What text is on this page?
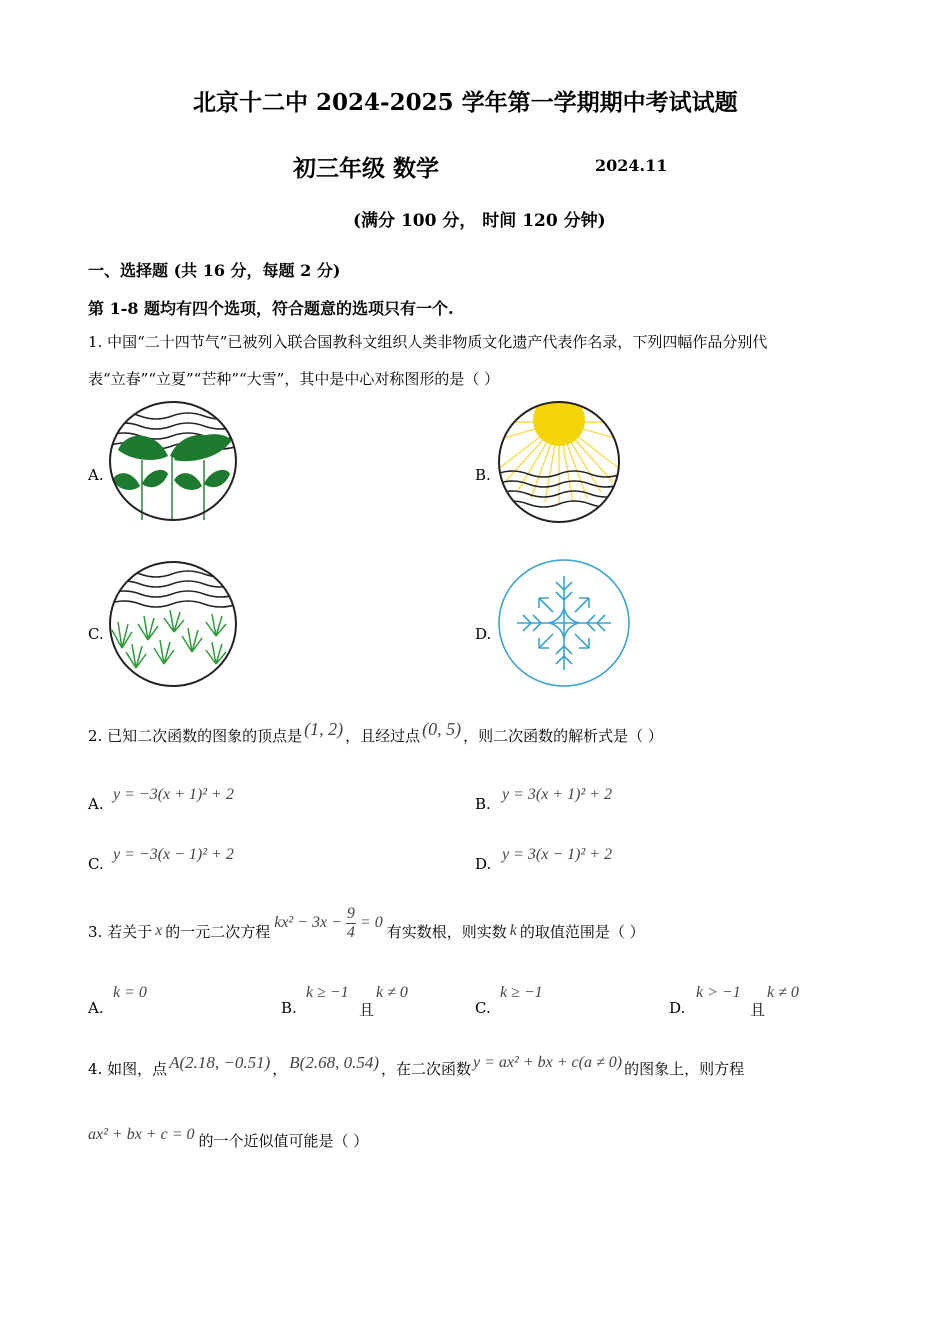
北京十二中 2024-2025 学年第一学期期中考试试题
初三年级 数学	2024.11
(满分 100 分， 时间 120 分钟)
一、选择题 (共 16 分，每题 2 分)
第 1-8 题均有四个选项，符合题意的选项只有一个.
1. 中国“二十四节气”已被列入联合国教科文组织人类非物质文化遗产代表作名录，下列四幅作品分别代
表“立春”“立夏”“芒种”“大雪”，其中是中心对称图形的是（ ）
A.	B.
C.	D.
2. 已知二次函数的图象的顶点是 (1, 2) ，且经过点 (0, 5) ，则二次函数的解析式是（ ）
A.
y = −3(x + 1)² + 2
B.
y = 3(x + 1)² + 2
C.
y = −3(x − 1)² + 2
D.
y = 3(x − 1)² + 2
3. 若关于 x 的一元二次方程 $kx^2 - 3x - \frac{9}{4} = 0$ 有实数根，则实数 k 的取值范围是（ ）
A.
k = 0
B.
k ≥ −1
且
k ≠ 0
C.
k ≥ −1
D.
k > −1
且
k ≠ 0
4. 如图，点 A(2.18, −0.51) ， B(2.68, 0.54) ，在二次函数 y = ax² + bx + c(a ≠ 0) 的图象上，则方程
ax² + bx + c = 0 的一个近似值可能是（ ）
